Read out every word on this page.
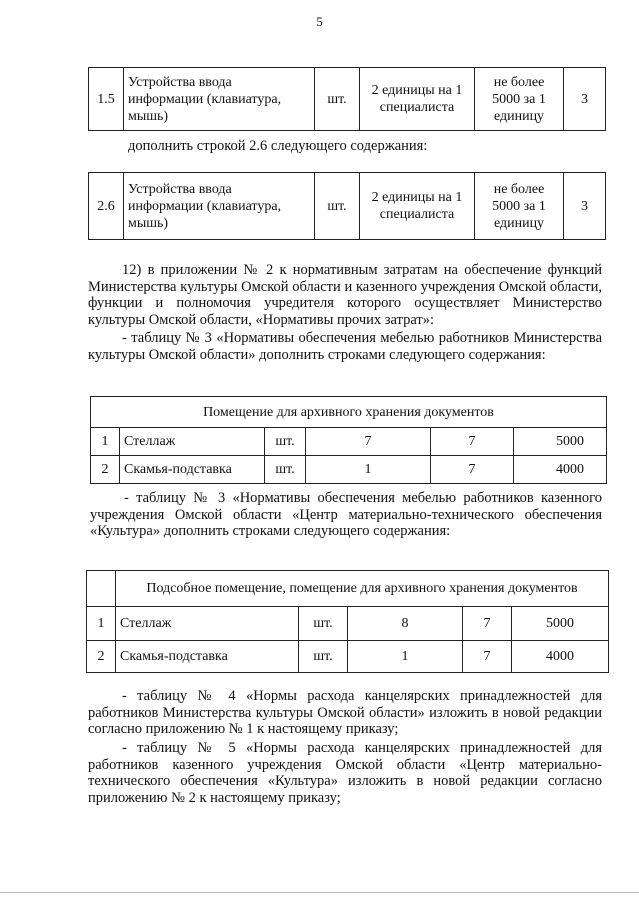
5
1.5	Устройства ввода информации (клавиатура, мышь)	шт.	2 единицы на 1 специалиста	не более 5000 за 1 единицу	3
дополнить строкой 2.6 следующего содержания:
2.6	Устройства ввода информации (клавиатура, мышь)	шт.	2 единицы на 1 специалиста	не более 5000 за 1 единицу	3
12) в приложении № 2 к нормативным затратам на обеспечение функций Министерства культуры Омской области и казенного учреждения Омской области, функции и полномочия учредителя которого осуществляет Министерство культуры Омской области, «Нормативы прочих затрат»:
- таблицу № 3 «Нормативы обеспечения мебелью работников Министерства культуры Омской области» дополнить строками следующего содержания:
Помещение для архивного хранения документов					
1	Стеллаж	шт.	7	7	5000
2	Скамья-подставка	шт.	1	7	4000
- таблицу № 3 «Нормативы обеспечения мебелью работников казенного учреждения Омской области «Центр материально-технического обеспечения «Культура» дополнить строками следующего содержания:
	Подсобное помещение, помещение для архивного хранения документов				
1	Стеллаж	шт.	8	7	5000
2	Скамья-подставка	шт.	1	7	4000
- таблицу № 4 «Нормы расхода канцелярских принадлежностей для работников Министерства культуры Омской области» изложить в новой редакции согласно приложению № 1 к настоящему приказу;
- таблицу № 5 «Нормы расхода канцелярских принадлежностей для работников казенного учреждения Омской области «Центр материально-технического обеспечения «Культура» изложить в новой редакции согласно приложению № 2 к настоящему приказу;
